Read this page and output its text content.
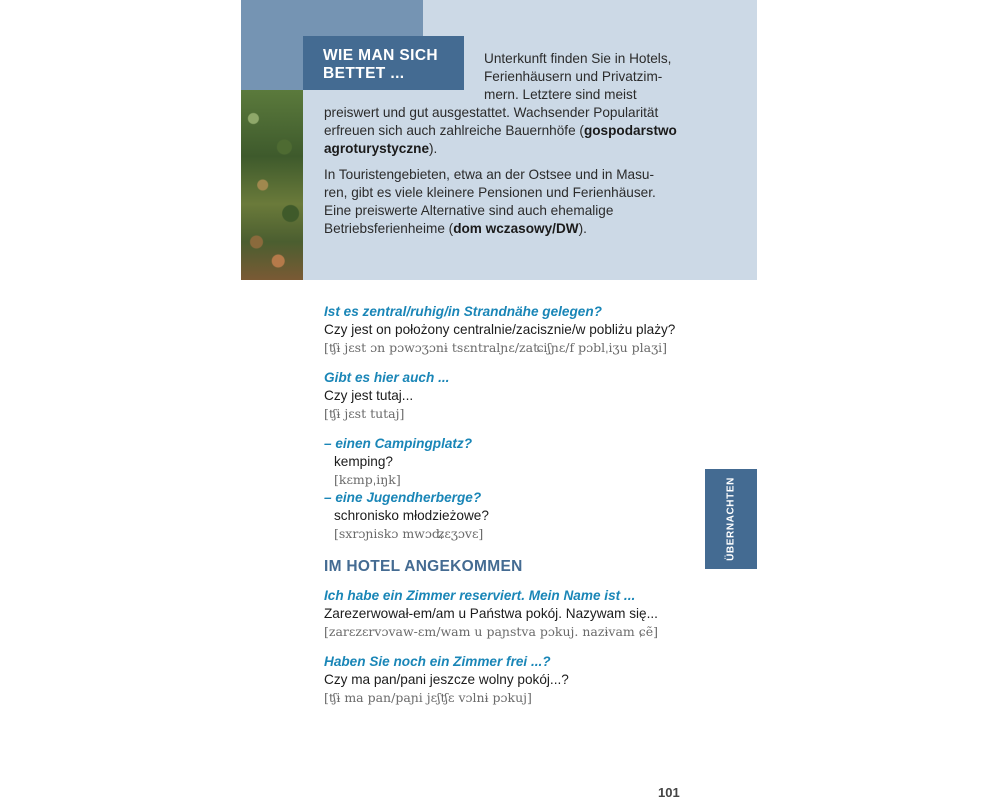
WIE MAN SICH
BETTET ...
Unterkunft finden Sie in Hotels,
Ferienhäusern und Privatzim-
mern. Letztere sind meist
preiswert und gut ausgestattet. Wachsender Popularität
erfreuen sich auch zahlreiche Bauernhöfe (gospodarstwo
agroturystyczne).
In Touristengebieten, etwa an der Ostsee und in Masu-
ren, gibt es viele kleinere Pensionen und Ferienhäuser.
Eine preiswerte Alternative sind auch ehemalige
Betriebsferienheime (dom wczasowy/DW).
Ist es zentral/ruhig/in Strandnähe gelegen?
Czy jest on położony centralnie/zacisznie/w pobliżu plaży?
[ʧɨ jɛst ɔn pɔwɔʒɔnɨ tsɛntralɲɛ/zaʨiʃɲɛ/f pɔblˌiʒu plaʒi]
Gibt es hier auch ...
Czy jest tutaj...
[ʧɨ jɛst tutaj]
– einen Campingplatz?
kemping?
[kɛmpˌiŋk]
– eine Jugendherberge?
schronisko młodzieżowe?
[sxrɔɲiskɔ mwɔʥɛʒɔvɛ]
IM HOTEL ANGEKOMMEN
Ich habe ein Zimmer reserviert. Mein Name ist ...
Zarezerwował-em/am u Państwa pokój. Nazywam się...
[zarɛzɛrvɔvaw-ɛm/wam u paɲstva pɔkuj. nazɨvam ɕẽ]
Haben Sie noch ein Zimmer frei ...?
Czy ma pan/pani jeszcze wolny pokój...?
[ʧɨ ma pan/paɲi jɛʃʧɛ vɔlnɨ pɔkuj]
101
ÜBERNACHTEN
